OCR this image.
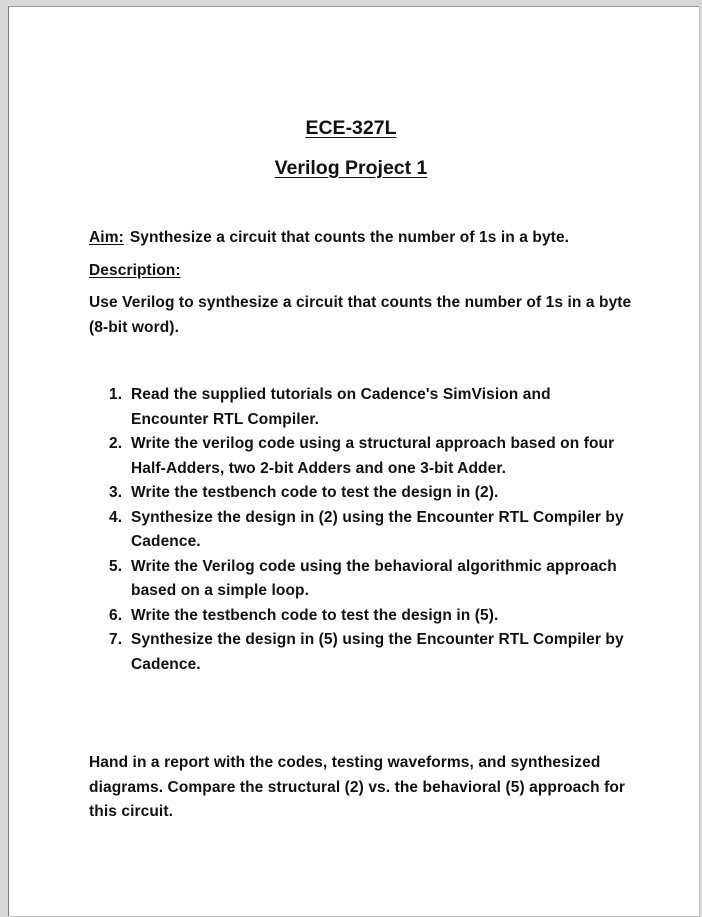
ECE-327L
Verilog Project 1
Aim: Synthesize a circuit that counts the number of 1s in a byte.
Description:
Use Verilog to synthesize a circuit that counts the number of 1s in a byte (8-bit word).
1. Read the supplied tutorials on Cadence's SimVision and Encounter RTL Compiler.
2. Write the verilog code using a structural approach based on four Half-Adders, two 2-bit Adders and one 3-bit Adder.
3. Write the testbench code to test the design in (2).
4. Synthesize the design in (2) using the Encounter RTL Compiler by Cadence.
5. Write the Verilog code using the behavioral algorithmic approach based on a simple loop.
6. Write the testbench code to test the design in (5).
7. Synthesize the design in (5) using the Encounter RTL Compiler by Cadence.
Hand in a report with the codes, testing waveforms, and synthesized diagrams. Compare the structural (2) vs. the behavioral (5) approach for this circuit.
